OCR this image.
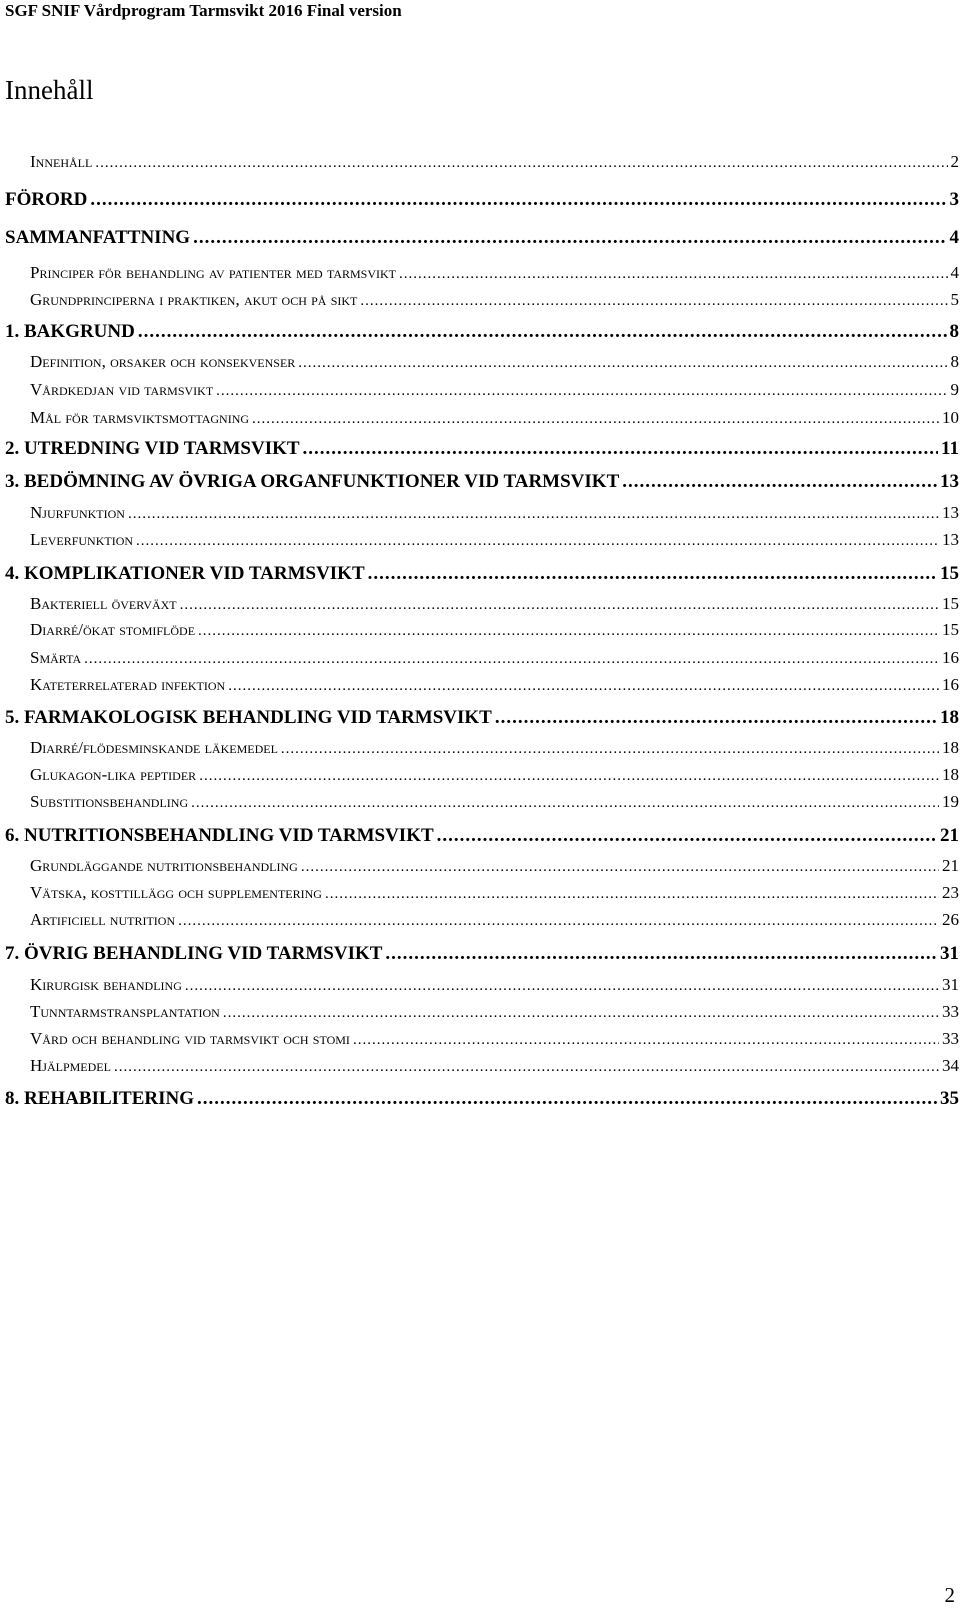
SGF SNIF Vårdprogram Tarmsvikt 2016 Final version
Innehåll
Innehåll .....	2
FÖRORD .....	3
SAMMANFATTNING .....	4
Principer för behandling av patienter med tarmsvikt .....	4
Grundprinciperna i praktiken, akut och på sikt .....	5
1. BAKGRUND .....	8
Definition, orsaker och konsekvenser .....	8
Vårdkedjan vid tarmsvikt .....	9
Mål för tarmsviktsmottagning .....	10
2. UTREDNING VID TARMSVIKT .....	11
3. BEDÖMNING AV ÖVRIGA ORGANFUNKTIONER VID TARMSVIKT .....	13
Njurfunktion .....	13
Leverfunktion .....	13
4. KOMPLIKATIONER VID TARMSVIKT .....	15
Bakteriell överväxt .....	15
Diarré/ökat stomiflöde .....	15
Smärta .....	16
Kateterrelaterad infektion .....	16
5. FARMAKOLOGISK BEHANDLING VID TARMSVIKT .....	18
Diarré/flödesminskande läkemedel .....	18
Glukagon-lika peptider .....	18
Substitionsbehandling .....	19
6. NUTRITIONSBEHANDLING VID TARMSVIKT .....	21
Grundläggande nutritionsbehandling .....	21
Vätska, kosttillägg och supplementering .....	23
Artificiell nutrition .....	26
7. ÖVRIG BEHANDLING VID TARMSVIKT .....	31
Kirurgisk behandling .....	31
Tunntarmstransplantation .....	33
Vård och behandling vid tarmsvikt och stomi .....	33
Hjälpmedel .....	34
8. REHABILITERING .....	35
2
